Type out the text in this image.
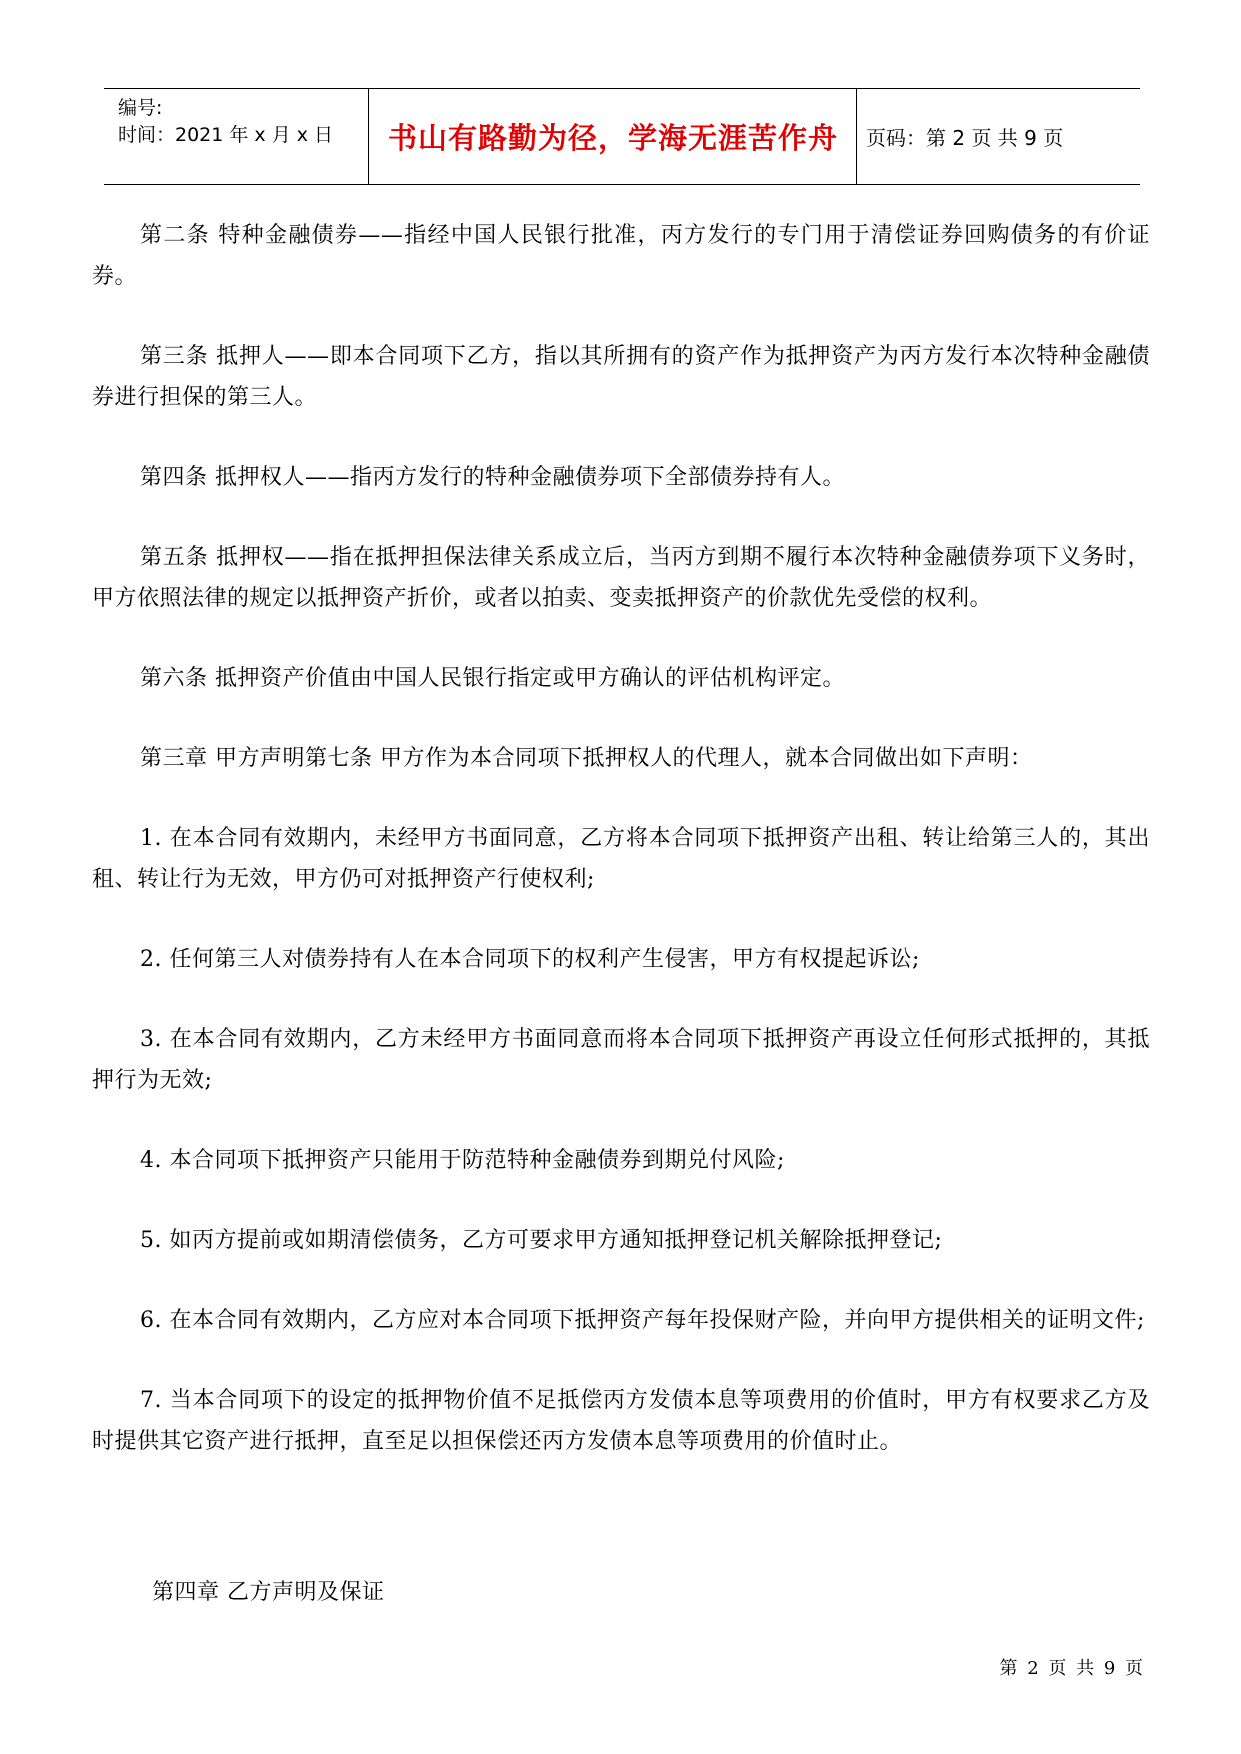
编号:
时间：2021 年 x 月 x 日	书山有路勤为径，学海无涯苦作舟	页码：第 2 页 共 9 页

第二条 特种金融债券——指经中国人民银行批准，丙方发行的专门用于清偿证券回购债务的有价证券。

第三条 抵押人——即本合同项下乙方，指以其所拥有的资产作为抵押资产为丙方发行本次特种金融债券进行担保的第三人。

第四条 抵押权人——指丙方发行的特种金融债券项下全部债券持有人。

第五条 抵押权——指在抵押担保法律关系成立后，当丙方到期不履行本次特种金融债券项下义务时，甲方依照法律的规定以抵押资产折价，或者以拍卖、变卖抵押资产的价款优先受偿的权利。

第六条 抵押资产价值由中国人民银行指定或甲方确认的评估机构评定。

第三章 甲方声明第七条 甲方作为本合同项下抵押权人的代理人，就本合同做出如下声明：

1. 在本合同有效期内，未经甲方书面同意，乙方将本合同项下抵押资产出租、转让给第三人的，其出租、转让行为无效，甲方仍可对抵押资产行使权利;

2. 任何第三人对债券持有人在本合同项下的权利产生侵害，甲方有权提起诉讼;

3. 在本合同有效期内，乙方未经甲方书面同意而将本合同项下抵押资产再设立任何形式抵押的，其抵押行为无效;

4. 本合同项下抵押资产只能用于防范特种金融债券到期兑付风险;

5. 如丙方提前或如期清偿债务，乙方可要求甲方通知抵押登记机关解除抵押登记;

6. 在本合同有效期内，乙方应对本合同项下抵押资产每年投保财产险，并向甲方提供相关的证明文件;

7. 当本合同项下的设定的抵押物价值不足抵偿丙方发债本息等项费用的价值时，甲方有权要求乙方及时提供其它资产进行抵押，直至足以担保偿还丙方发债本息等项费用的价值时止。

第四章 乙方声明及保证
第 2 页 共 9 页
